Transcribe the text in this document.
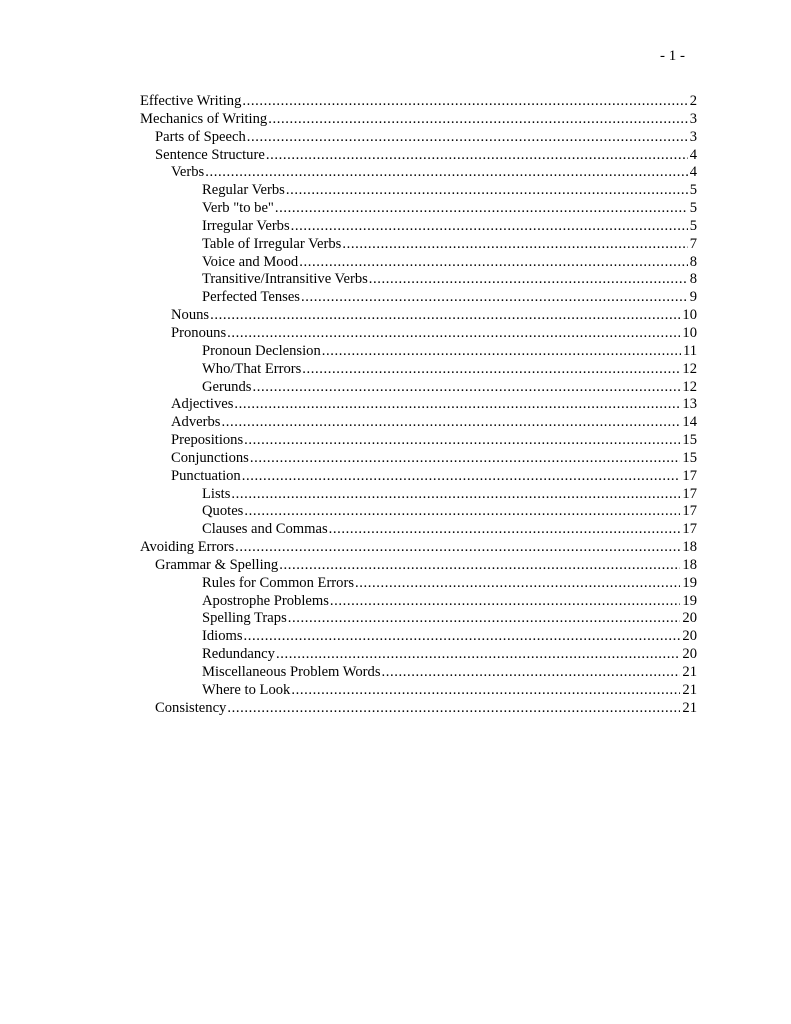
- 1 -
Effective Writing .....	2
Mechanics of Writing .....	3
Parts of Speech .....	3
Sentence Structure .....	4
Verbs .....	4
Regular Verbs .....	5
Verb "to be" .....	5
Irregular Verbs .....	5
Table of Irregular Verbs .....	7
Voice and Mood .....	8
Transitive/Intransitive Verbs .....	8
Perfected Tenses .....	9
Nouns .....	10
Pronouns .....	10
Pronoun Declension .....	11
Who/That Errors .....	12
Gerunds .....	12
Adjectives .....	13
Adverbs .....	14
Prepositions .....	15
Conjunctions .....	15
Punctuation .....	17
Lists .....	17
Quotes .....	17
Clauses and Commas .....	17
Avoiding Errors .....	18
Grammar & Spelling .....	18
Rules for Common Errors .....	19
Apostrophe Problems .....	19
Spelling Traps .....	20
Idioms .....	20
Redundancy .....	20
Miscellaneous Problem Words .....	21
Where to Look .....	21
Consistency .....	21
